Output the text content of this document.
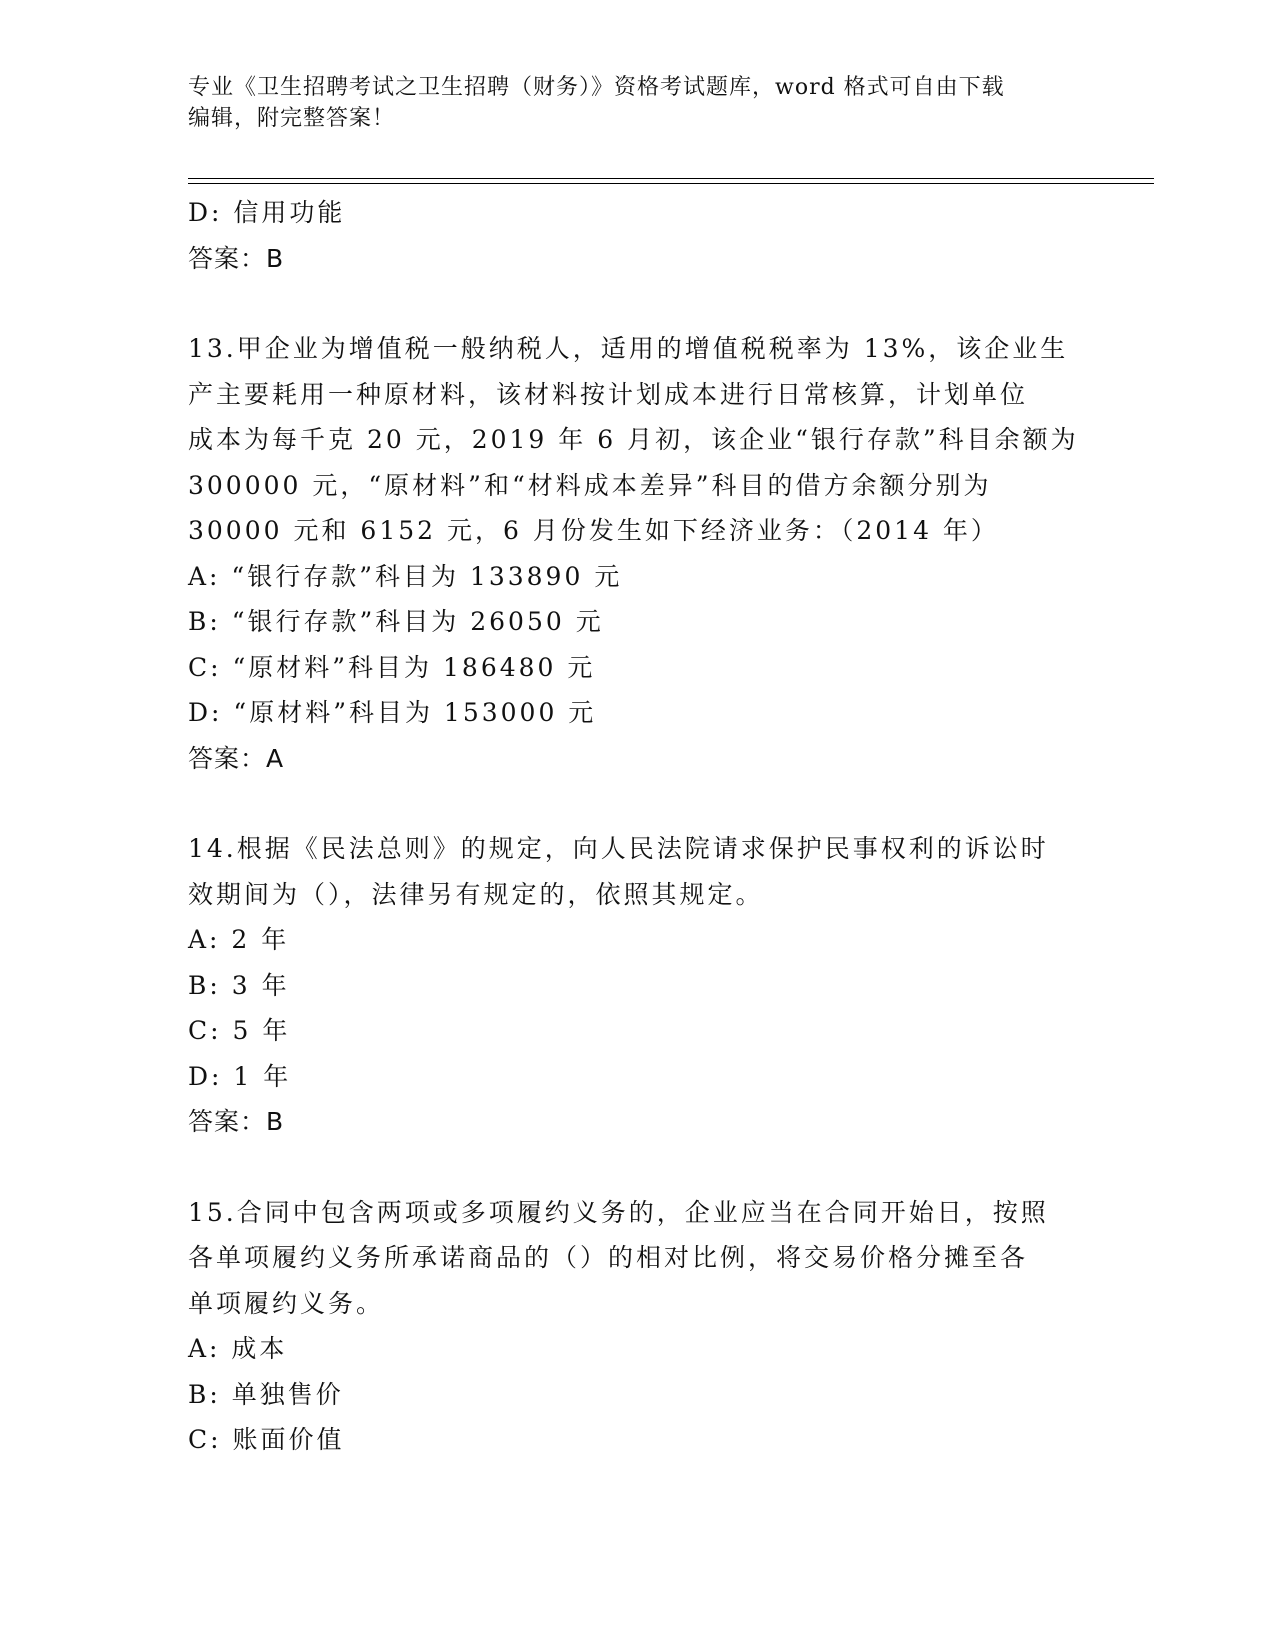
专业《卫生招聘考试之卫生招聘（财务）》资格考试题库，word 格式可自由下载
编辑，附完整答案！
D: 信用功能
答案：B
13.甲企业为增值税一般纳税人，适用的增值税税率为 13%，该企业生
产主要耗用一种原材料，该材料按计划成本进行日常核算，计划单位
成本为每千克 20 元，2019 年 6 月初，该企业“银行存款”科目余额为
300000 元，“原材料”和“材料成本差异”科目的借方余额分别为
30000 元和 6152 元，6 月份发生如下经济业务：（2014 年）
A: “银行存款”科目为 133890 元
B: “银行存款”科目为 26050 元
C: “原材料”科目为 186480 元
D: “原材料”科目为 153000 元
答案：A
14.根据《民法总则》的规定，向人民法院请求保护民事权利的诉讼时
效期间为（），法律另有规定的，依照其规定。
A: 2 年
B: 3 年
C: 5 年
D: 1 年
答案：B
15.合同中包含两项或多项履约义务的，企业应当在合同开始日，按照
各单项履约义务所承诺商品的（）的相对比例，将交易价格分摊至各
单项履约义务。
A: 成本
B: 单独售价
C: 账面价值
